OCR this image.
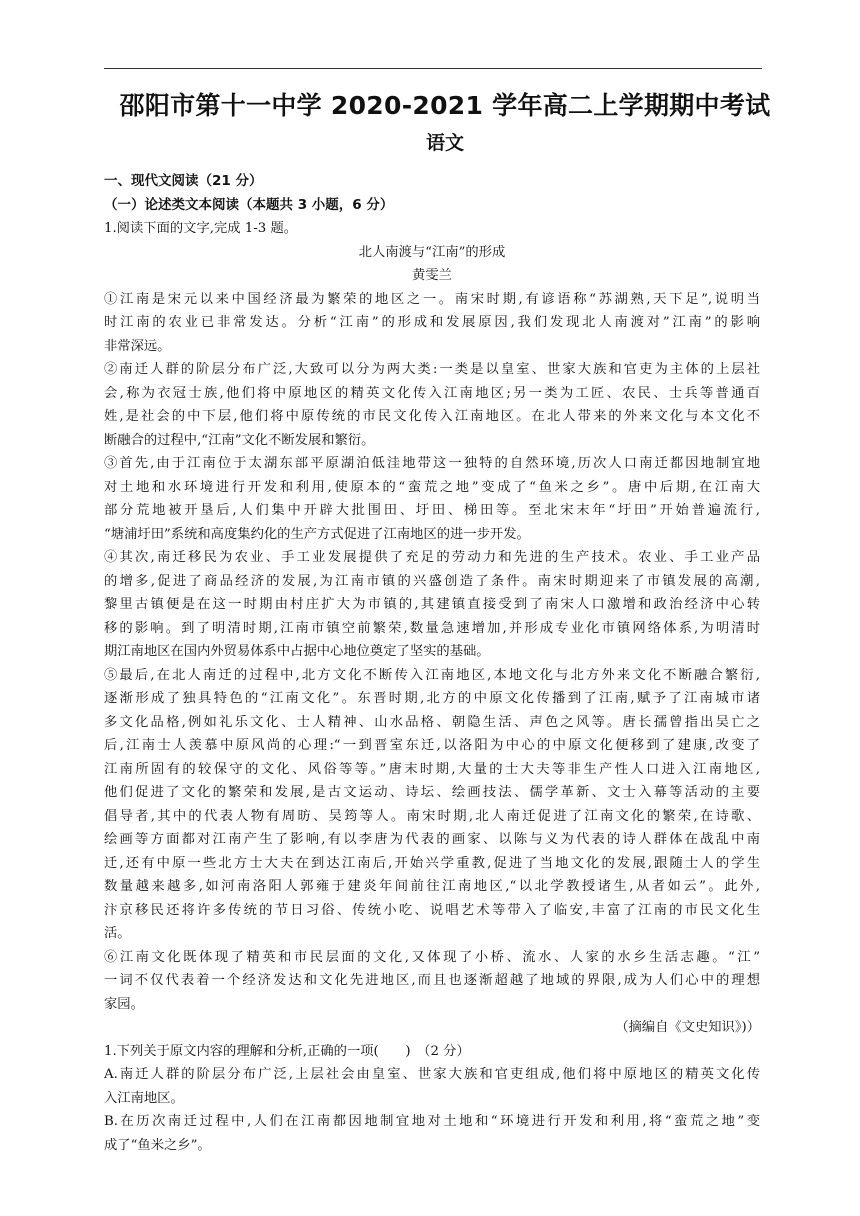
邵阳市第十一中学 2020-2021 学年高二上学期期中考试
语文
一、现代文阅读（21 分）
（一）论述类文本阅读（本题共 3 小题，6 分）
1.阅读下面的文字,完成 1-3 题。
北人南渡与“江南”的形成
黄雯兰
①江南是宋元以来中国经济最为繁荣的地区之一。南宋时期,有谚语称“苏湖熟,天下足”,说明当
时江南的农业已非常发达。分析“江南”的形成和发展原因,我们发现北人南渡对”江南”的影响
非常深远。
②南迁人群的阶层分布广泛,大致可以分为两大类:一类是以皇室、世家大族和官吏为主体的上层社
会,称为衣冠士族,他们将中原地区的精英文化传入江南地区;另一类为工匠、农民、士兵等普通百
姓,是社会的中下层,他们将中原传统的市民文化传入江南地区。在北人带来的外来文化与本文化不
断融合的过程中,“江南”文化不断发展和繁衍。
③首先,由于江南位于太湖东部平原湖泊低洼地带这一独特的自然环境,历次人口南迁都因地制宜地
对土地和水环境进行开发和利用,使原本的“蛮荒之地”变成了“鱼米之乡”。唐中后期,在江南大
部分荒地被开垦后,人们集中开辟大批围田、圩田、梯田等。至北宋末年“圩田”开始普遍流行,
“塘浦圩田”系统和高度集约化的生产方式促进了江南地区的进一步开发。
④其次,南迁移民为农业、手工业发展提供了充足的劳动力和先进的生产技术。农业、手工业产品
的增多,促进了商品经济的发展,为江南市镇的兴盛创造了条件。南宋时期迎来了市镇发展的高潮,
黎里古镇便是在这一时期由村庄扩大为市镇的,其建镇直接受到了南宋人口激增和政治经济中心转
移的影响。到了明清时期,江南市镇空前繁荣,数量急速增加,并形成专业化市镇网络体系,为明清时
期江南地区在国内外贸易体系中占据中心地位奠定了坚实的基础。
⑤最后,在北人南迁的过程中,北方文化不断传入江南地区,本地文化与北方外来文化不断融合繁衍,
逐渐形成了独具特色的“江南文化”。东晋时期,北方的中原文化传播到了江南,赋予了江南城市诸
多文化品格,例如礼乐文化、士人精神、山水品格、朝隐生活、声色之风等。唐长孺曾指出吴亡之
后,江南士人羡慕中原风尚的心理:“一到晋室东迁,以洛阳为中心的中原文化便移到了建康,改变了
江南所固有的较保守的文化、风俗等等。”唐末时期,大量的士大夫等非生产性人口进入江南地区,
他们促进了文化的繁荣和发展,是古文运动、诗坛、绘画技法、儒学革新、文士入幕等活动的主要
倡导者,其中的代表人物有周昉、吴筠等人。南宋时期,北人南迁促进了江南文化的繁荣,在诗歌、
绘画等方面都对江南产生了影响,有以李唐为代表的画家、以陈与义为代表的诗人群体在战乱中南
迁,还有中原一些北方士大夫在到达江南后,开始兴学重教,促进了当地文化的发展,跟随士人的学生
数量越来越多,如河南洛阳人郭雍于建炎年间前往江南地区,“以北学教授诸生,从者如云”。此外,
汴京移民还将许多传统的节日习俗、传统小吃、说唱艺术等带入了临安,丰富了江南的市民文化生
活。
⑥江南文化既体现了精英和市民层面的文化,又体现了小桥、流水、人家的水乡生活志趣。“江”
一词不仅代表着一个经济发达和文化先进地区,而且也逐渐超越了地域的界限,成为人们心中的理想
家园。
（摘编自《文史知识》)）
1.下列关于原文内容的理解和分析,正确的一项(　　)　（2 分）
A.南迁人群的阶层分布广泛,上层社会由皇室、世家大族和官吏组成,他们将中原地区的精英文化传
入江南地区。
B.在历次南迁过程中,人们在江南都因地制宜地对土地和“环境进行开发和利用,将“蛮荒之地”变
成了“鱼米之乡”。
